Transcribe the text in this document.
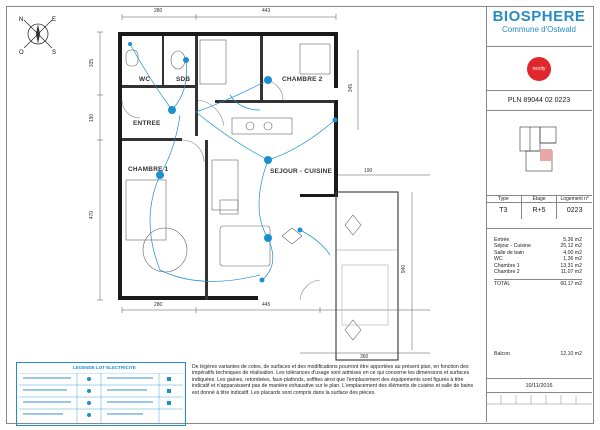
N	E
O	S
WC	SDB	CHAMBRE 2
ENTREE
CHAMBRE 1	SEJOUR - CUISINE
280	443
335
190
470
280	445
360
190
345
940
LEGENDE LOT ELECTRICITE	De légères variantes de cotes, de surfaces et des modifications pourront être apportées au présent plan, en fonction des impératifs techniques de réalisation. Les tolérances d'usage sont admises en ce qui concerne les dimensions et surfaces indiquées. Les gaines, retombées, faux-plafonds, soffites ainsi que l'emplacement des équipements sont figurés à titre indicatif et n'apparaissent pas de manière exhaustive sur le plan. L'emplacement des éléments de cuisine et salle de bains est donné à titre indicatif. Les placards sont compris dans la surface des pièces.
BIOSPHERE
Commune d'Ostwald
nexity
PLN 89044 02 0223
Type	Etage	Logement n°
T3	R+5	0223
Entrée	5,36 m2
Séjour - Cuisine	25,12 m2
Salle de bain	4,00 m2
WC	1,36 m2
Chambre 1	13,31 m2
Chambre 2	11,07 m2
TOTAL	60,17 m2
Balcon	12,10 m2
10/11/2016
